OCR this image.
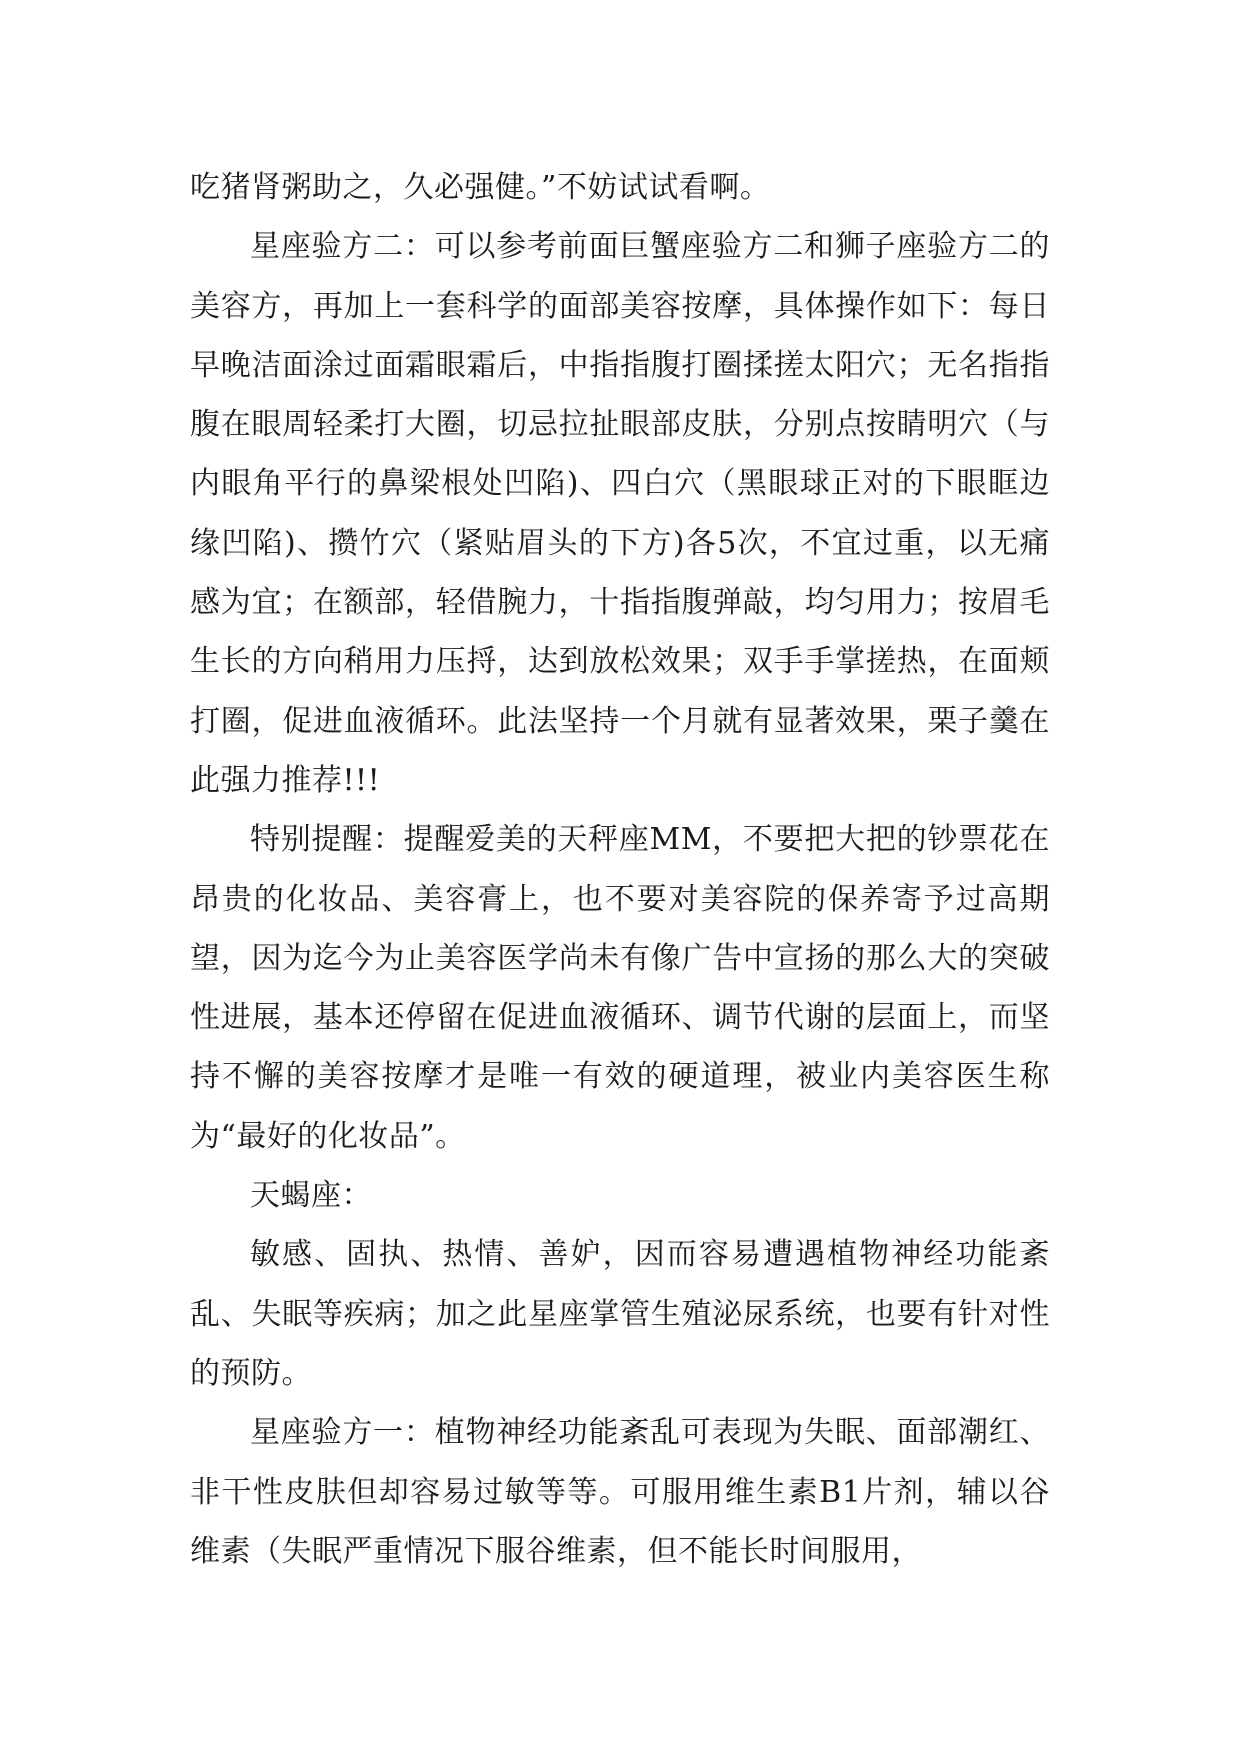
吃猪肾粥助之，久必强健。”不妨试试看啊。

星座验方二：可以参考前面巨蟹座验方二和狮子座验方二的美容方，再加上一套科学的面部美容按摩，具体操作如下：每日早晚洁面涂过面霜眼霜后，中指指腹打圈揉搓太阳穴；无名指指腹在眼周轻柔打大圈，切忌拉扯眼部皮肤，分别点按睛明穴（与内眼角平行的鼻梁根处凹陷)、四白穴（黑眼球正对的下眼眶边缘凹陷)、攒竹穴（紧贴眉头的下方)各5次，不宜过重，以无痛感为宜；在额部，轻借腕力，十指指腹弹敲，均匀用力；按眉毛生长的方向稍用力压捋，达到放松效果；双手手掌搓热，在面颊打圈，促进血液循环。此法坚持一个月就有显著效果，栗子羹在此强力推荐!!!

特别提醒：提醒爱美的天秤座MM，不要把大把的钞票花在昂贵的化妆品、美容膏上，也不要对美容院的保养寄予过高期望，因为迄今为止美容医学尚未有像广告中宣扬的那么大的突破性进展，基本还停留在促进血液循环、调节代谢的层面上，而坚持不懈的美容按摩才是唯一有效的硬道理，被业内美容医生称为“最好的化妆品”。

天蝎座：

敏感、固执、热情、善妒，因而容易遭遇植物神经功能紊乱、失眠等疾病；加之此星座掌管生殖泌尿系统，也要有针对性的预防。

星座验方一：植物神经功能紊乱可表现为失眠、面部潮红、非干性皮肤但却容易过敏等等。可服用维生素B1片剂，辅以谷维素（失眠严重情况下服谷维素，但不能长时间服用，
